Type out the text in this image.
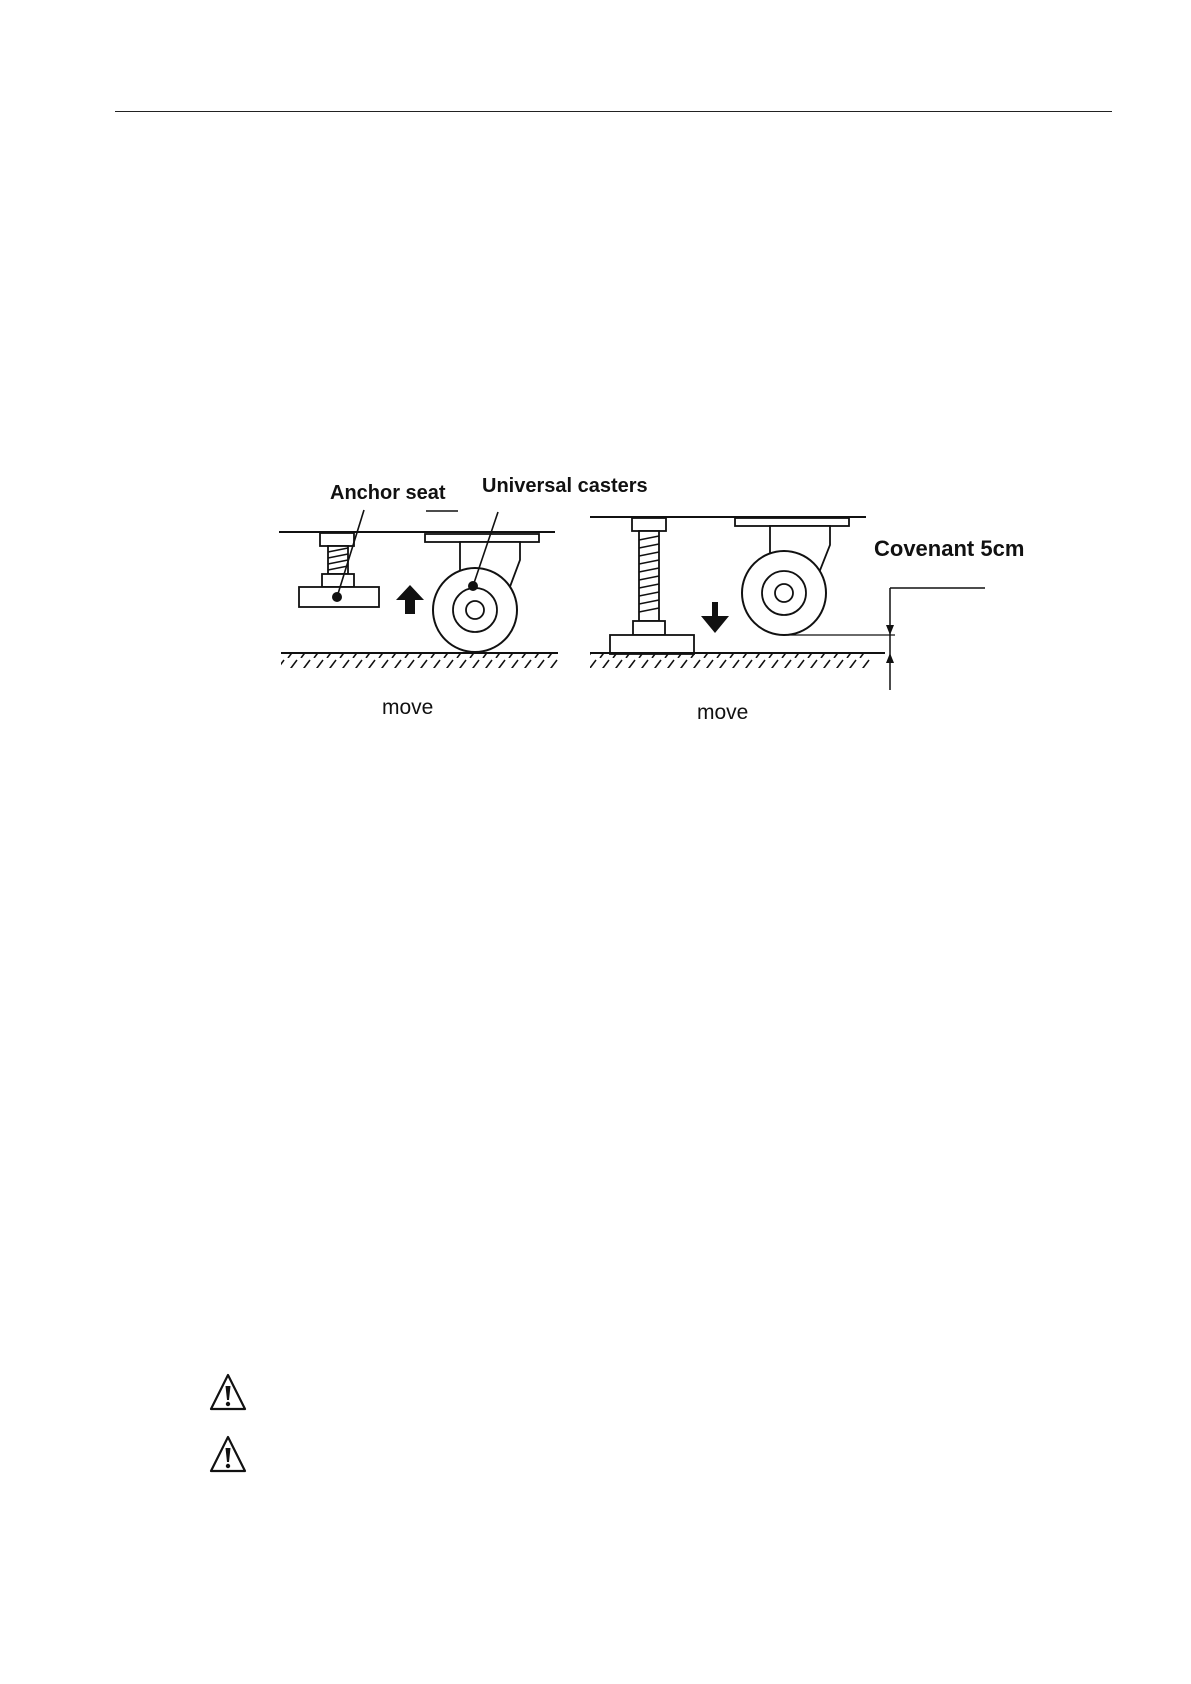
Anchor seat Universal casters
Covenant 5cm
move	move
